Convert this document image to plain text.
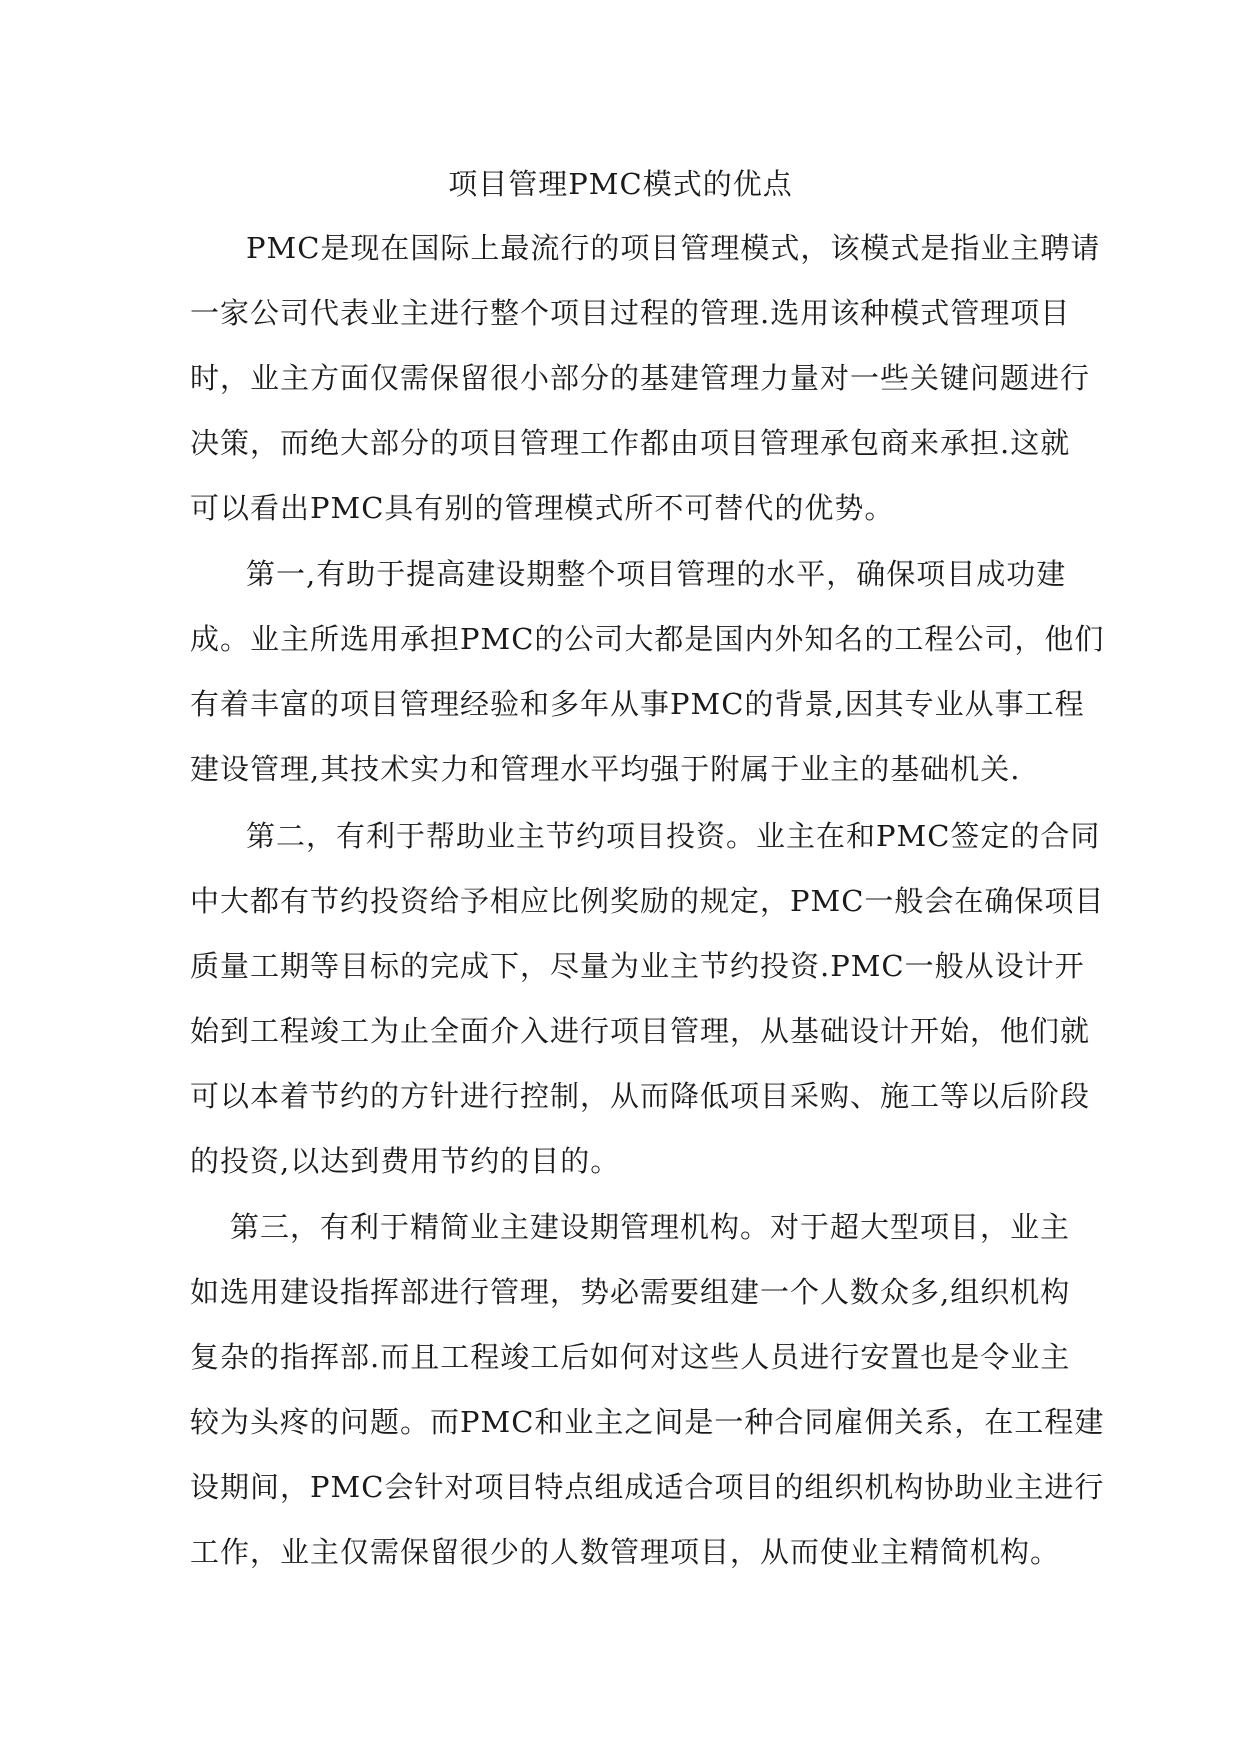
项目管理PMC模式的优点
PMC是现在国际上最流行的项目管理模式，该模式是指业主聘请
一家公司代表业主进行整个项目过程的管理.选用该种模式管理项目
时，业主方面仅需保留很小部分的基建管理力量对一些关键问题进行
决策，而绝大部分的项目管理工作都由项目管理承包商来承担.这就
可以看出PMC具有别的管理模式所不可替代的优势。
第一,有助于提高建设期整个项目管理的水平，确保项目成功建
成。业主所选用承担PMC的公司大都是国内外知名的工程公司，他们
有着丰富的项目管理经验和多年从事PMC的背景,因其专业从事工程
建设管理,其技术实力和管理水平均强于附属于业主的基础机关.
第二，有利于帮助业主节约项目投资。业主在和PMC签定的合同
中大都有节约投资给予相应比例奖励的规定，PMC一般会在确保项目
质量工期等目标的完成下，尽量为业主节约投资.PMC一般从设计开
始到工程竣工为止全面介入进行项目管理，从基础设计开始，他们就
可以本着节约的方针进行控制，从而降低项目采购、施工等以后阶段
的投资,以达到费用节约的目的。
第三，有利于精简业主建设期管理机构。对于超大型项目，业主
如选用建设指挥部进行管理，势必需要组建一个人数众多,组织机构
复杂的指挥部.而且工程竣工后如何对这些人员进行安置也是令业主
较为头疼的问题。而PMC和业主之间是一种合同雇佣关系，在工程建
设期间，PMC会针对项目特点组成适合项目的组织机构协助业主进行
工作，业主仅需保留很少的人数管理项目，从而使业主精简机构。
